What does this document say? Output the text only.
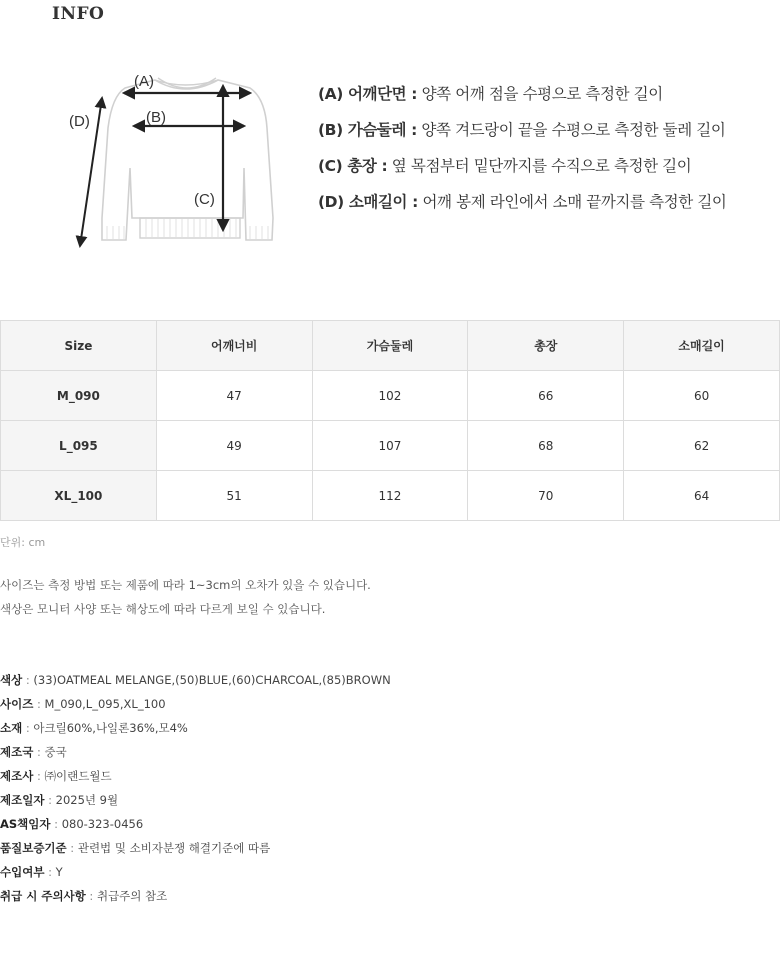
INFO
(A)
(B)
(C)
(D)
(A) 어깨단면 : 양쪽 어깨 점을 수평으로 측정한 길이
(B) 가슴둘레 : 양쪽 겨드랑이 끝을 수평으로 측정한 둘레 길이
(C) 총장 : 옆 목점부터 밑단까지를 수직으로 측정한 길이
(D) 소매길이 : 어깨 봉제 라인에서 소매 끝까지를 측정한 길이
Size	어깨너비	가슴둘레	총장	소매길이
M_090	47	102	66	60
L_095	49	107	68	62
XL_100	51	112	70	64
단위: cm
사이즈는 측정 방법 또는 제품에 따라 1~3cm의 오차가 있을 수 있습니다.
색상은 모니터 사양 또는 해상도에 따라 다르게 보일 수 있습니다.
색상 : (33)OATMEAL MELANGE,(50)BLUE,(60)CHARCOAL,(85)BROWN
사이즈 : M_090,L_095,XL_100
소재 : 아크릴60%,나일론36%,모4%
제조국 : 중국
제조사 : ㈜이랜드월드
제조일자 : 2025년 9월
AS책임자 : 080-323-0456
품질보증기준 : 관련법 및 소비자분쟁 해결기준에 따름
수입여부 : Y
취급 시 주의사항 : 취급주의 참조
